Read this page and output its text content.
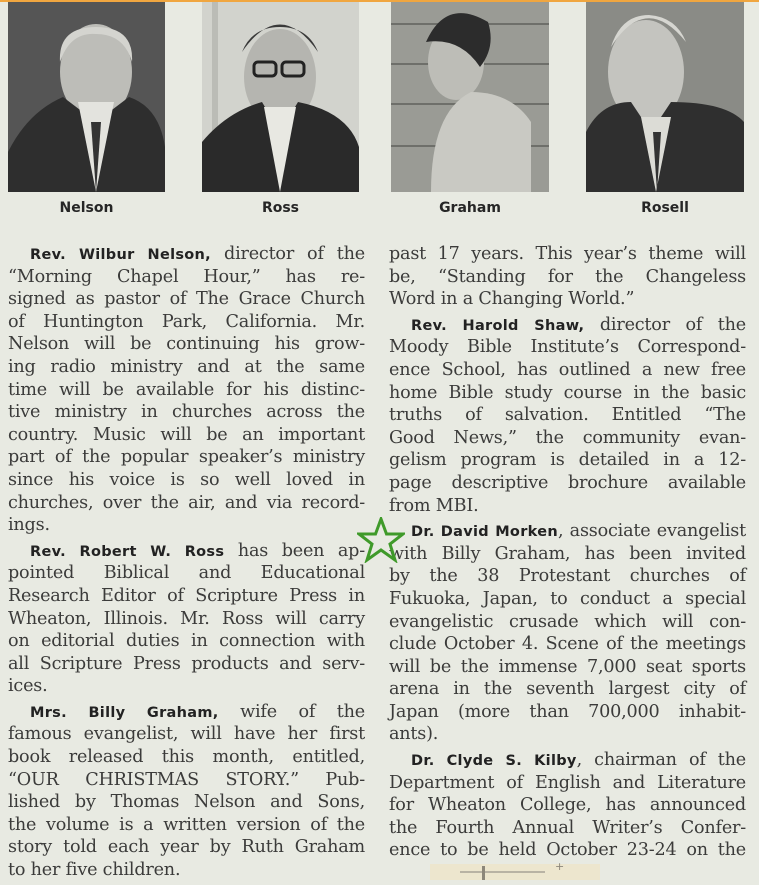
Nelson	Ross	Graham	Rosell
Rev. Wilbur Nelson, director of the
“Morning Chapel Hour,” has re-
signed as pastor of The Grace Church
of Huntington Park, California. Mr.
Nelson will be continuing his grow-
ing radio ministry and at the same
time will be available for his distinc-
tive ministry in churches across the
country. Music will be an important
part of the popular speaker’s ministry
since his voice is so well loved in
churches, over the air, and via record-
ings.
Rev. Robert W. Ross has been ap-
pointed Biblical and Educational
Research Editor of Scripture Press in
Wheaton, Illinois. Mr. Ross will carry
on editorial duties in connection with
all Scripture Press products and serv-
ices.
Mrs. Billy Graham, wife of the
famous evangelist, will have her first
book released this month, entitled,
“OUR CHRISTMAS STORY.” Pub-
lished by Thomas Nelson and Sons,
the volume is a written version of the
story told each year by Ruth Graham
to her five children.
past 17 years. This year’s theme will
be, “Standing for the Changeless
Word in a Changing World.”
Rev. Harold Shaw, director of the
Moody Bible Institute’s Correspond-
ence School, has outlined a new free
home Bible study course in the basic
truths of salvation. Entitled “The
Good News,” the community evan-
gelism program is detailed in a 12-
page descriptive brochure available
from MBI.
Dr. David Morken, associate evangelist
with Billy Graham, has been invited
by the 38 Protestant churches of
Fukuoka, Japan, to conduct a special
evangelistic crusade which will con-
clude October 4. Scene of the meetings
will be the immense 7,000 seat sports
arena in the seventh largest city of
Japan (more than 700,000 inhabit-
ants).
Dr. Clyde S. Kilby, chairman of the
Department of English and Literature
for Wheaton College, has announced
the Fourth Annual Writer’s Confer-
ence to be held October 23-24 on the
+
